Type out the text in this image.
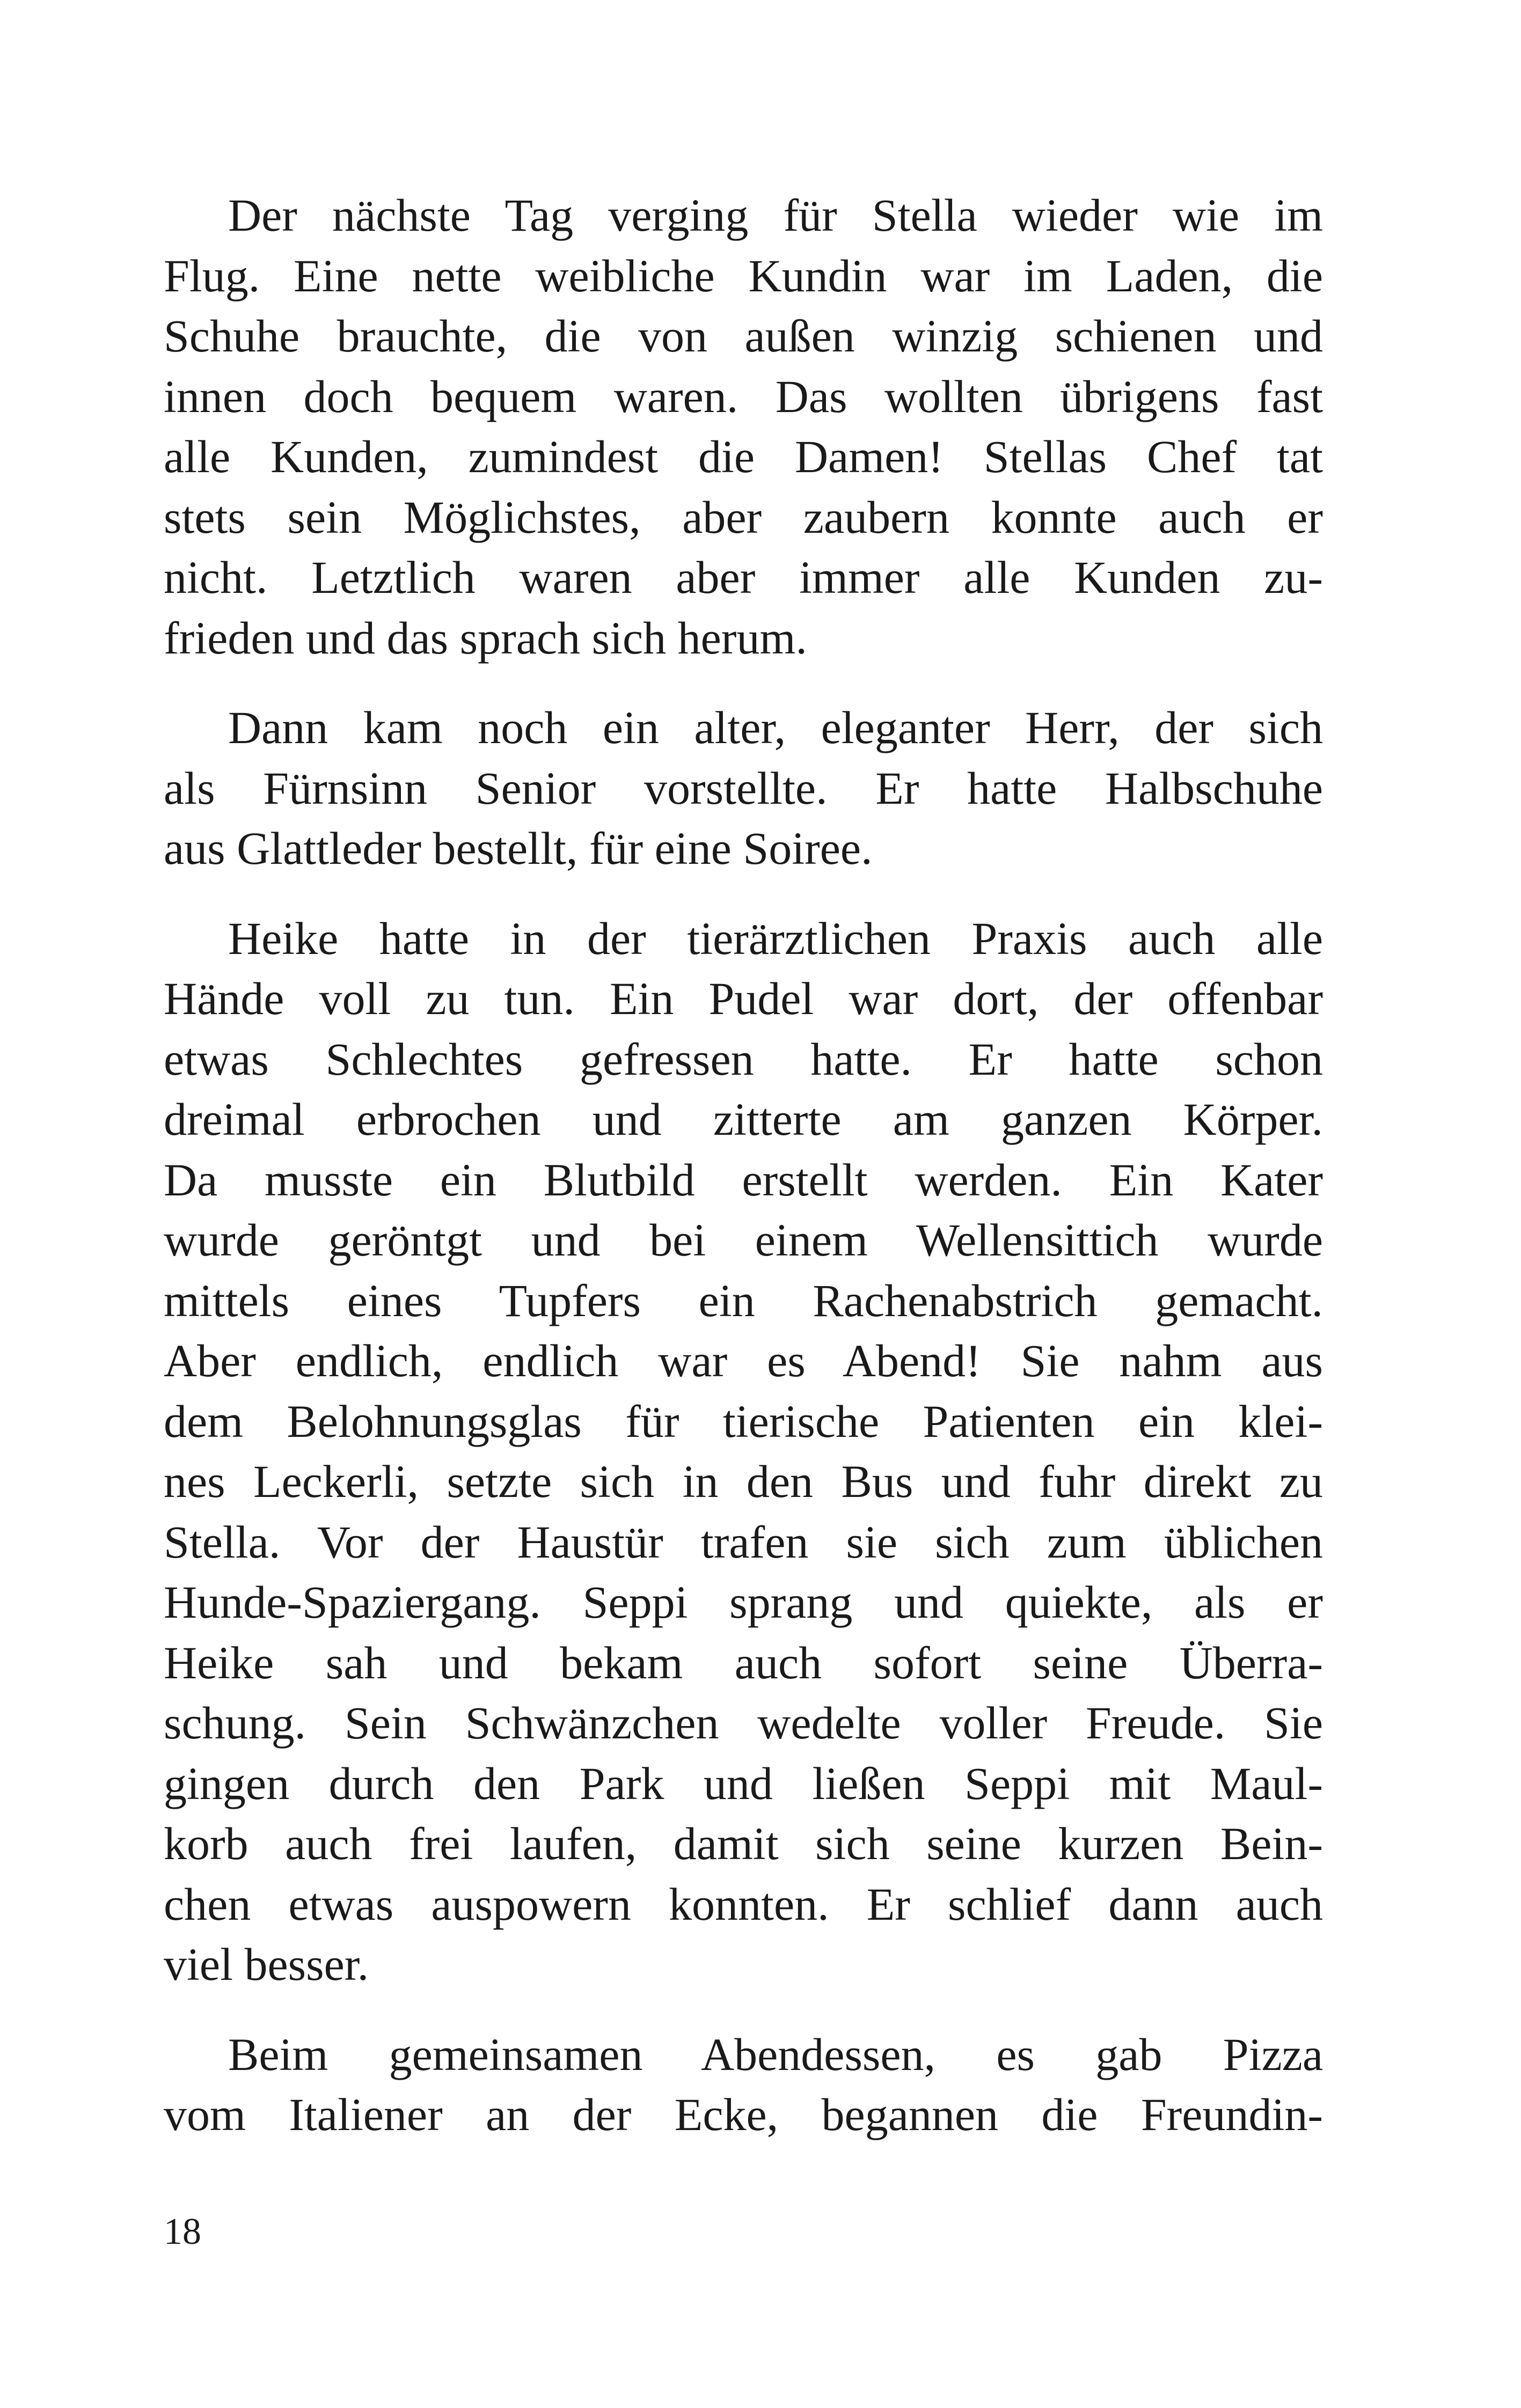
Der nächste Tag verging für Stella wieder wie im
Flug. Eine nette weibliche Kundin war im Laden, die
Schuhe brauchte, die von außen winzig schienen und
innen doch bequem waren. Das wollten übrigens fast
alle Kunden, zumindest die Damen! Stellas Chef tat
stets sein Möglichstes, aber zaubern konnte auch er
nicht. Letztlich waren aber immer alle Kunden zu-
frieden und das sprach sich herum.

Dann kam noch ein alter, eleganter Herr, der sich
als Fürnsinn Senior vorstellte. Er hatte Halbschuhe
aus Glattleder bestellt, für eine Soiree.

Heike hatte in der tierärztlichen Praxis auch alle
Hände voll zu tun. Ein Pudel war dort, der offenbar
etwas Schlechtes gefressen hatte. Er hatte schon
dreimal erbrochen und zitterte am ganzen Körper.
Da musste ein Blutbild erstellt werden. Ein Kater
wurde geröntgt und bei einem Wellensittich wurde
mittels eines Tupfers ein Rachenabstrich gemacht.
Aber endlich, endlich war es Abend! Sie nahm aus
dem Belohnungsglas für tierische Patienten ein klei-
nes Leckerli, setzte sich in den Bus und fuhr direkt zu
Stella. Vor der Haustür trafen sie sich zum üblichen
Hunde-Spaziergang. Seppi sprang und quiekte, als er
Heike sah und bekam auch sofort seine Überra-
schung. Sein Schwänzchen wedelte voller Freude. Sie
gingen durch den Park und ließen Seppi mit Maul-
korb auch frei laufen, damit sich seine kurzen Bein-
chen etwas auspowern konnten. Er schlief dann auch
viel besser.

Beim gemeinsamen Abendessen, es gab Pizza
vom Italiener an der Ecke, begannen die Freundin-

18
